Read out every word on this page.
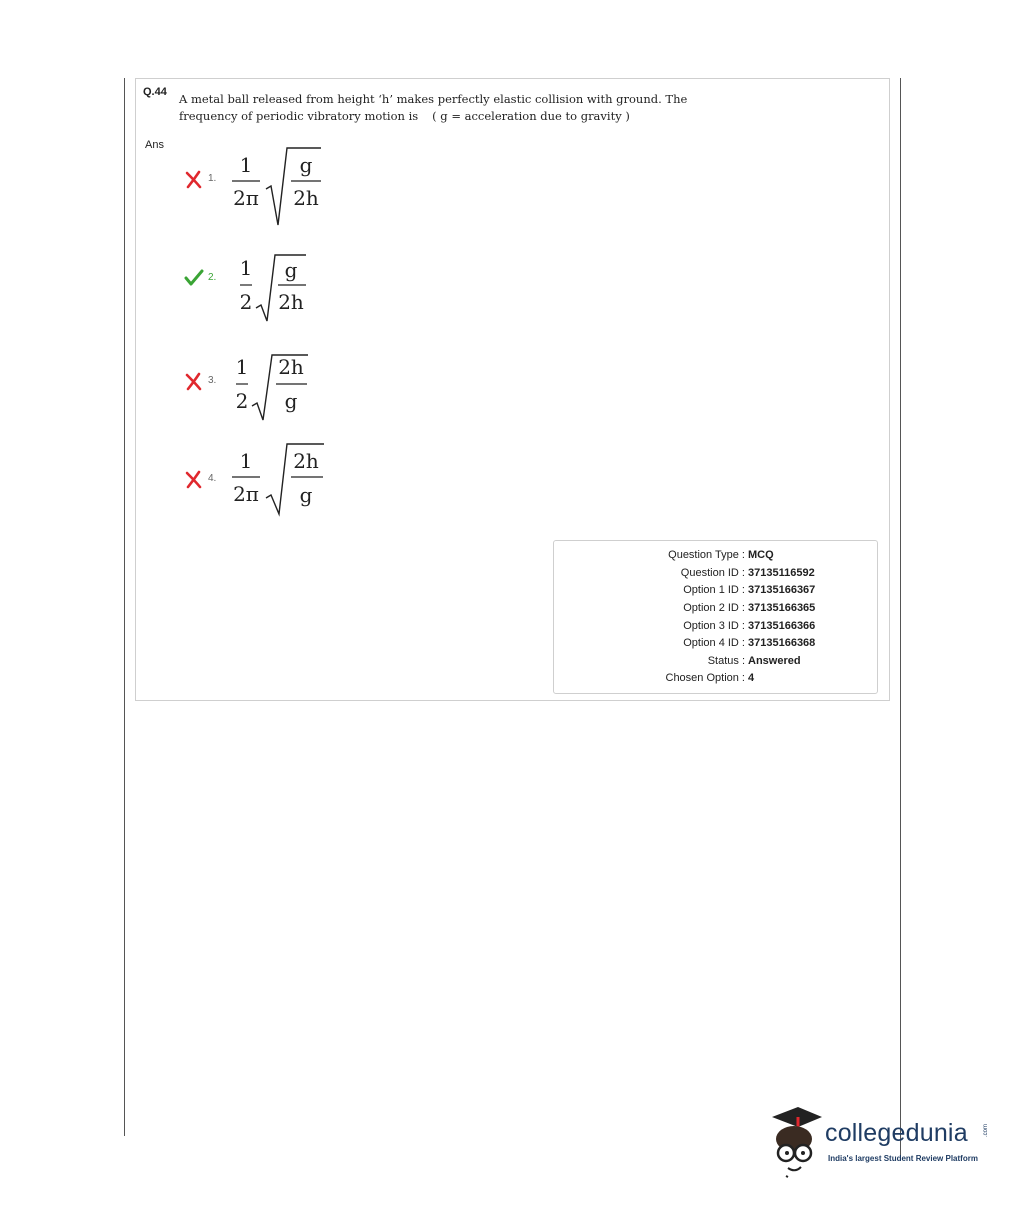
Q.44 A metal ball released from height ‘h’ makes perfectly elastic collision with ground. The
frequency of periodic vibratory motion is ( g = acceleration due to gravity )
Ans
1.
1
2π
g
2h
2. 1
2
g
2h
3.
1
2
2h
g
4.
1
2π
2h
g
Question Type : MCQ
Question ID : 37135116592
Option 1 ID : 37135166367
Option 2 ID : 37135166365
Option 3 ID : 37135166366
Option 4 ID : 37135166368
Status : Answered
Chosen Option : 4
collegedunia	.com
India's largest Student Review Platform
